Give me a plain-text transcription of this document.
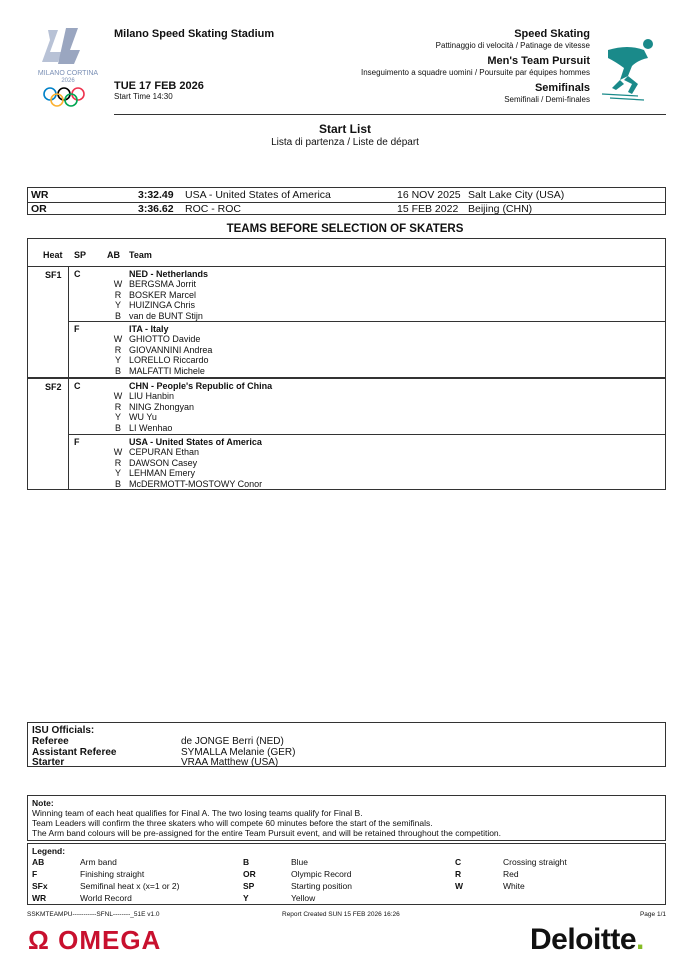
MILANO CORTINA
2026
Milano Speed Skating Stadium
TUE 17 FEB 2026
Start Time 14:30
Speed Skating
Pattinaggio di velocità / Patinage de vitesse
Men's Team Pursuit
Inseguimento a squadre uomini / Poursuite par équipes hommes
Semifinals
Semifinali / Demi-finales
Start List
Lista di partenza / Liste de départ
WR	3:32.49 USA - United States of America	16 NOV 2025 Salt Lake City (USA)
OR	3:36.62 ROC - ROC	15 FEB 2022 Beijing (CHN)
TEAMS BEFORE SELECTION OF SKATERS
Heat SP AB Team
SF1 C	NED - Netherlands
W BERGSMA Jorrit
R BOSKER Marcel
Y HUIZINGA Chris
B van de BUNT Stijn
F	ITA - Italy
W GHIOTTO Davide
R GIOVANNINI Andrea
Y LORELLO Riccardo
B MALFATTI Michele
SF2 C	CHN - People's Republic of China
W LIU Hanbin
R NING Zhongyan
Y WU Yu
B LI Wenhao
F	USA - United States of America
W CEPURAN Ethan
R DAWSON Casey
Y LEHMAN Emery
B McDERMOTT-MOSTOWY Conor
ISU Officials:
Referee	de JONGE Berri (NED)
Assistant Referee	SYMALLA Melanie (GER)
Starter	VRAA Matthew (USA)
Note:
Winning team of each heat qualifies for Final A. The two losing teams qualify for Final B.
Team Leaders will confirm the three skaters who will compete 60 minutes before the start of the semifinals.
The Arm band colours will be pre-assigned for the entire Team Pursuit event, and will be retained throughout the competition.
Legend:
AB	Arm band	B	Blue	C	Crossing straight
F	Finishing straight	OR	Olympic Record	R	Red
SFx	Semifinal heat x (x=1 or 2)	SP	Starting position	W	White
WR	World Record	Y	Yellow
SSKMTEAMPU-----------SFNL--------_51E v1.0	Report Created SUN 15 FEB 2026 16:26	Page 1/1
Ω OMEGA	Deloitte.
